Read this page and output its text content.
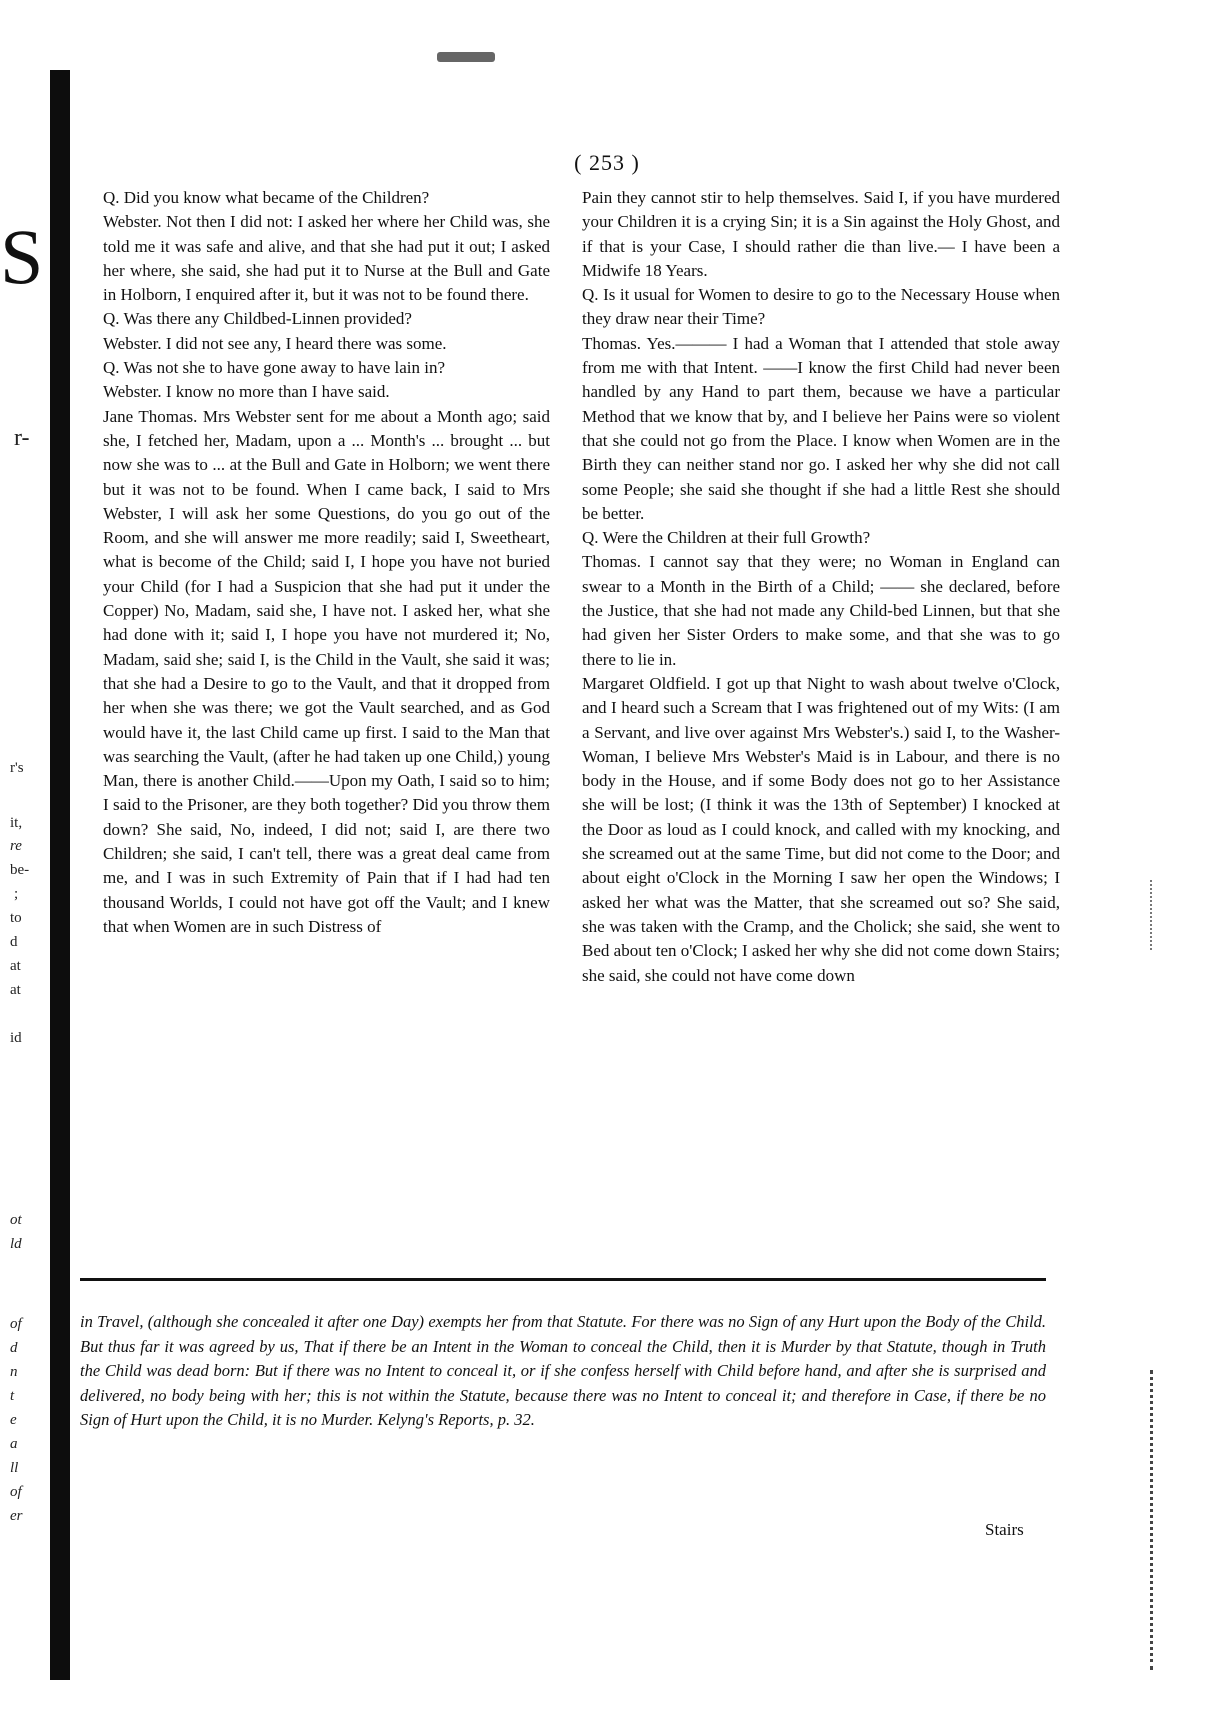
S
r-
r's
it,
re
be-
;
to
d
at
at
id
ot
ld
of
d
n
t
e
a
ll
of
er
( 253 )

Q. Did you know what became of the Children?

Webster. Not then I did not: I asked her where her Child was, she told me it was safe and alive, and that she had put it out; I asked her where, she said, she had put it to Nurse at the Bull and Gate in Holborn, I enquired after it, but it was not to be found there.

Q. Was there any Childbed-Linnen provided?

Webster. I did not see any, I heard there was some.

Q. Was not she to have gone away to have lain in?

Webster. I know no more than I have said.

Jane Thomas. Mrs Webster sent for me about a Month ago; said she, I fetched her, Madam, upon a ... Month's ... brought ... but now she was to ... at the Bull and Gate in Holborn; we went there but it was not to be found. When I came back, I said to Mrs Webster, I will ask her some Questions, do you go out of the Room, and she will answer me more readily; said I, Sweetheart, what is become of the Child; said I, I hope you have not buried your Child (for I had a Suspicion that she had put it under the Copper) No, Madam, said she, I have not. I asked her, what she had done with it; said I, I hope you have not murdered it; No, Madam, said she; said I, is the Child in the Vault, she said it was; that she had a Desire to go to the Vault, and that it dropped from her when she was there; we got the Vault searched, and as God would have it, the last Child came up first. I said to the Man that was searching the Vault, (after he had taken up one Child,) young Man, there is another Child.——Upon my Oath, I said so to him; I said to the Prisoner, are they both together? Did you throw them down? She said, No, indeed, I did not; said I, are there two Children; she said, I can't tell, there was a great deal came from me, and I was in such Extremity of Pain that if I had had ten thousand Worlds, I could not have got off the Vault; and I knew that when Women are in such Distress of

Pain they cannot stir to help themselves. Said I, if you have murdered your Children it is a crying Sin; it is a Sin against the Holy Ghost, and if that is your Case, I should rather die than live.— I have been a Midwife 18 Years.

Q. Is it usual for Women to desire to go to the Necessary House when they draw near their Time?

Thomas. Yes.——— I had a Woman that I attended that stole away from me with that Intent. ——I know the first Child had never been handled by any Hand to part them, because we have a particular Method that we know that by, and I believe her Pains were so violent that she could not go from the Place. I know when Women are in the Birth they can neither stand nor go. I asked her why she did not call some People; she said she thought if she had a little Rest she should be better.

Q. Were the Children at their full Growth?

Thomas. I cannot say that they were; no Woman in England can swear to a Month in the Birth of a Child; —— she declared, before the Justice, that she had not made any Child-bed Linnen, but that she had given her Sister Orders to make some, and that she was to go there to lie in.

Margaret Oldfield. I got up that Night to wash about twelve o'Clock, and I heard such a Scream that I was frightened out of my Wits: (I am a Servant, and live over against Mrs Webster's.) said I, to the Washer-Woman, I believe Mrs Webster's Maid is in Labour, and there is no body in the House, and if some Body does not go to her Assistance she will be lost; (I think it was the 13th of September) I knocked at the Door as loud as I could knock, and called with my knocking, and she screamed out at the same Time, but did not come to the Door; and about eight o'Clock in the Morning I saw her open the Windows; I asked her what was the Matter, that she screamed out so? She said, she was taken with the Cramp, and the Cholick; she said, she went to Bed about ten o'Clock; I asked her why she did not come down Stairs; she said, she could not have come down

in Travel, (although she concealed it after one Day) exempts her from that Statute. For there was no Sign of any Hurt upon the Body of the Child. But thus far it was agreed by us, That if there be an Intent in the Woman to conceal the Child, then it is Murder by that Statute, though in Truth the Child was dead born: But if there was no Intent to conceal it, or if she confess herself with Child before hand, and after she is surprised and delivered, no body being with her; this is not within the Statute, because there was no Intent to conceal it; and therefore in Case, if there be no Sign of Hurt upon the Child, it is no Murder. Kelyng's Reports, p. 32.

Stairs
